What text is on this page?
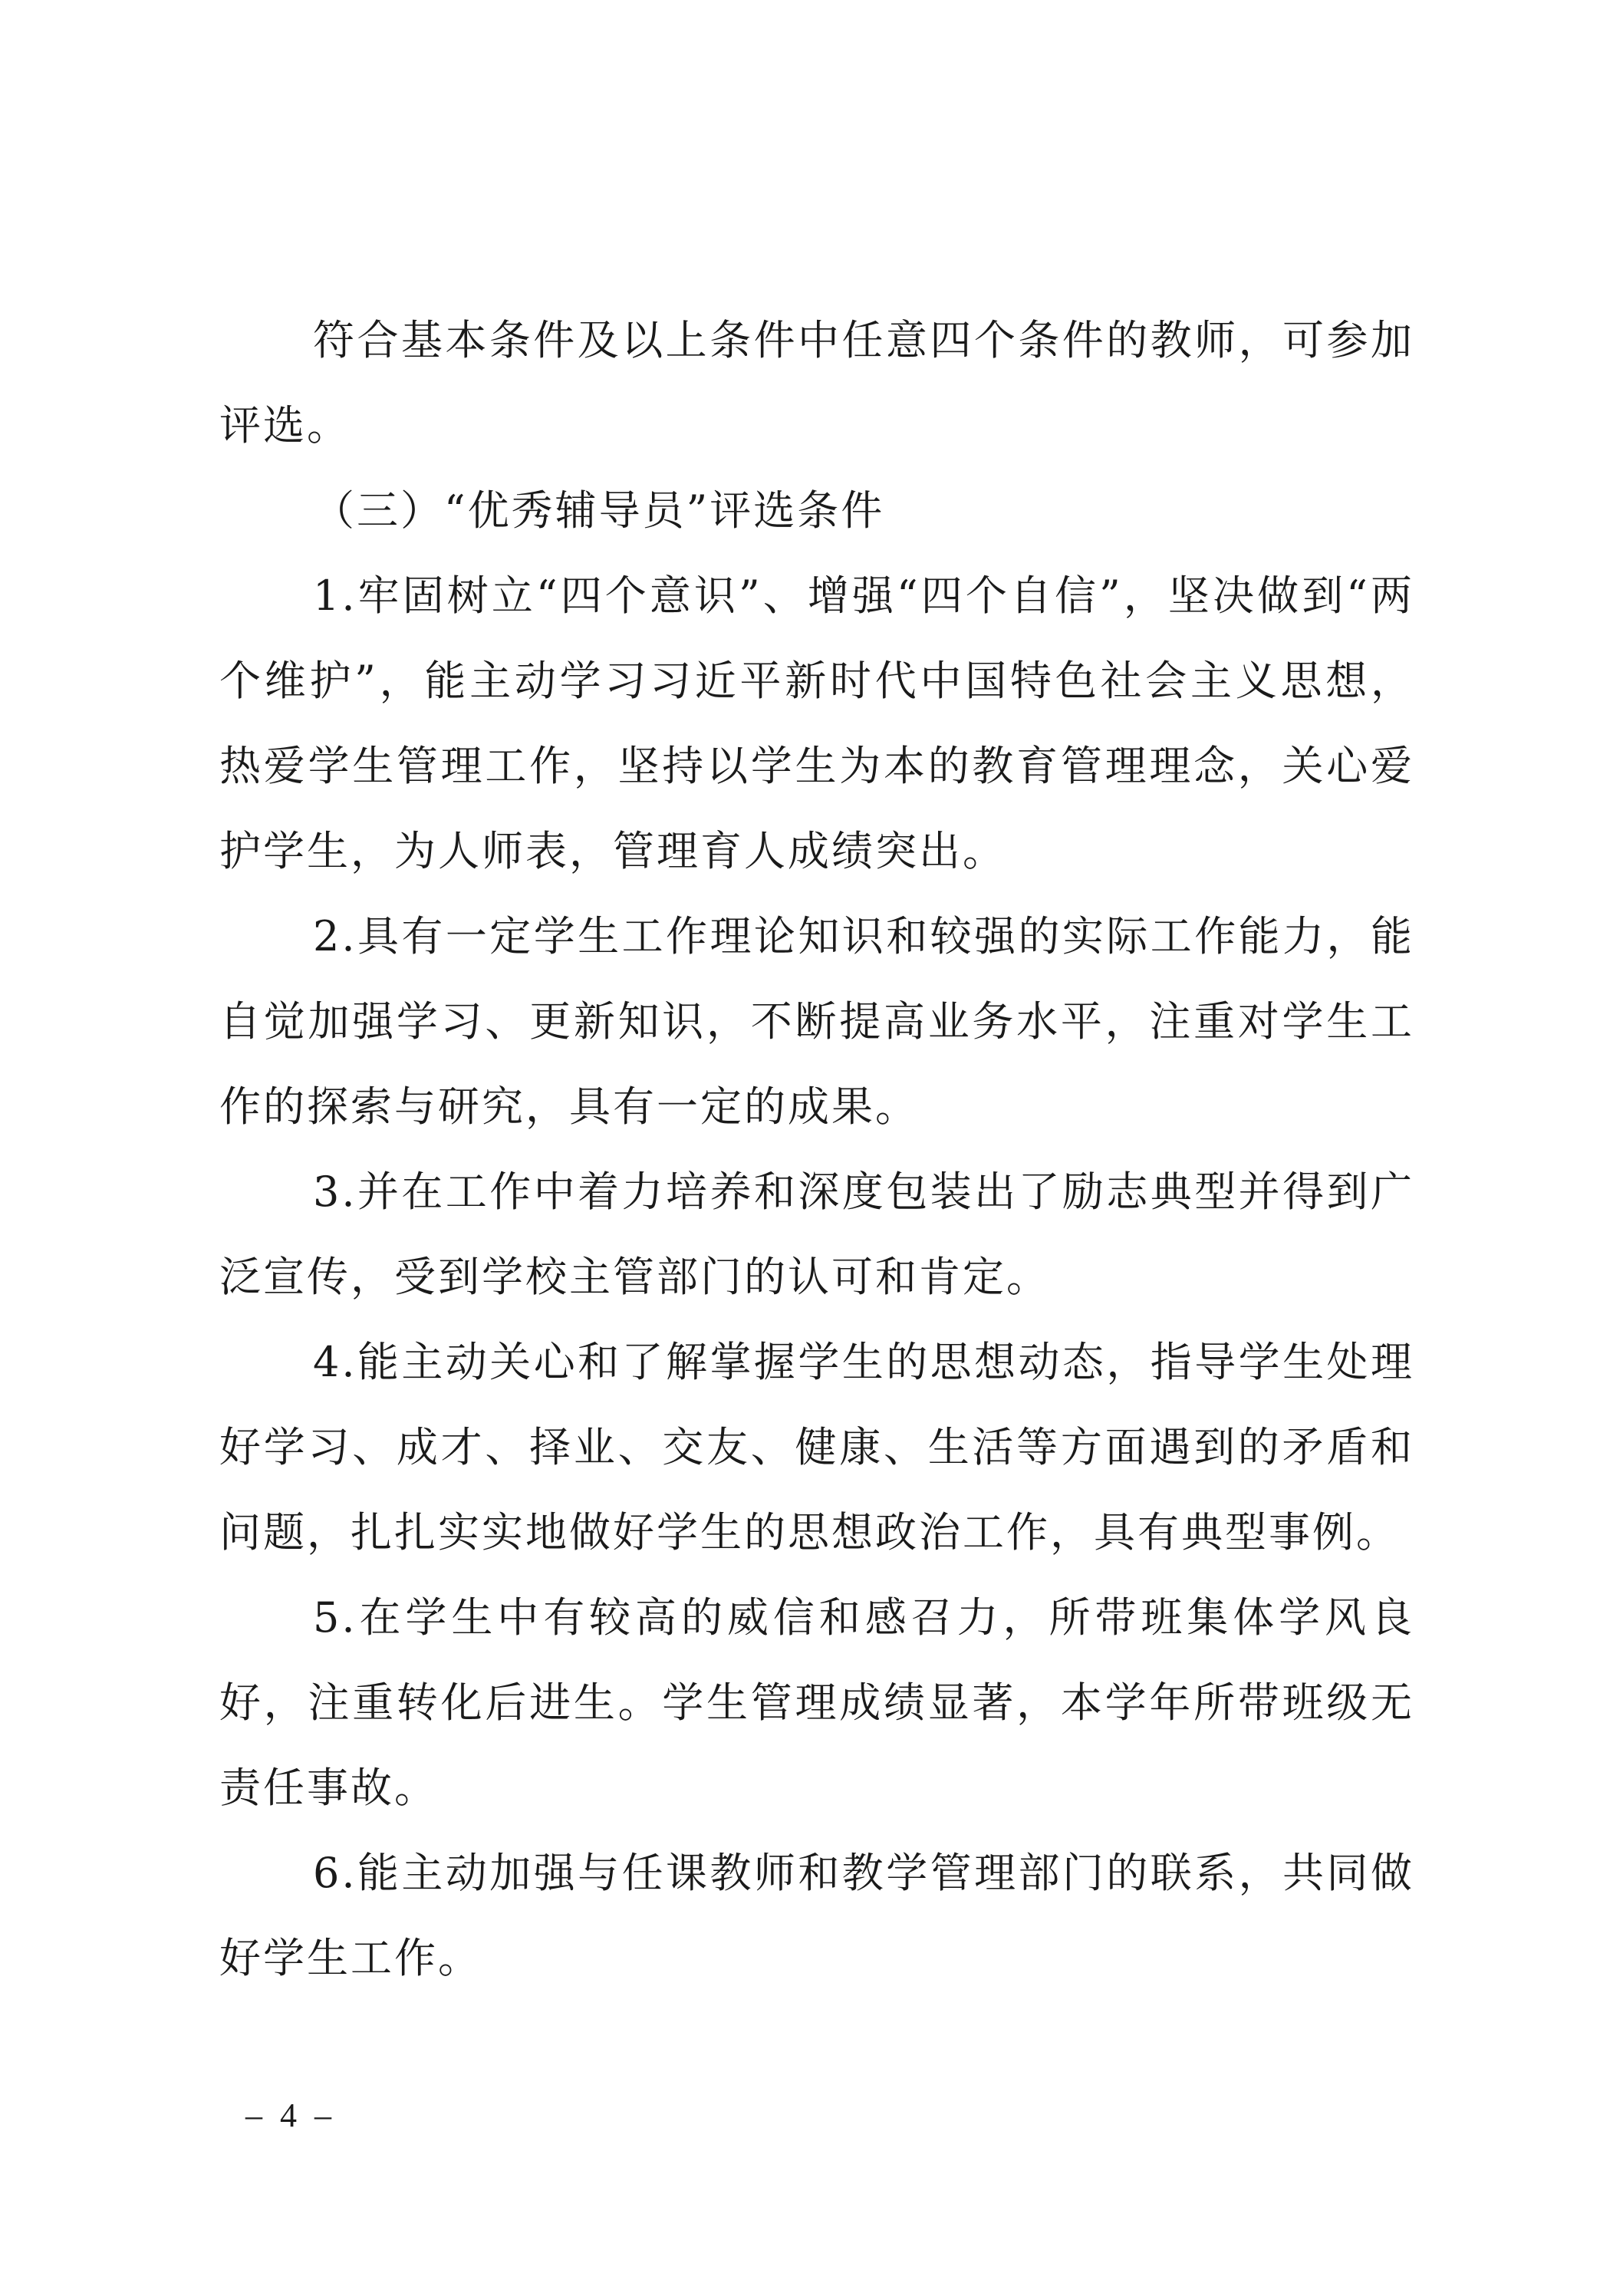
符合基本条件及以上条件中任意四个条件的教师，可参加评选。

（三）“优秀辅导员”评选条件

1.牢固树立“四个意识”、增强“四个自信”，坚决做到“两个维护”，能主动学习习近平新时代中国特色社会主义思想，热爱学生管理工作，坚持以学生为本的教育管理理念，关心爱护学生，为人师表，管理育人成绩突出。

2.具有一定学生工作理论知识和较强的实际工作能力，能自觉加强学习、更新知识，不断提高业务水平，注重对学生工作的探索与研究，具有一定的成果。

3.并在工作中着力培养和深度包装出了励志典型并得到广泛宣传，受到学校主管部门的认可和肯定。

4.能主动关心和了解掌握学生的思想动态，指导学生处理好学习、成才、择业、交友、健康、生活等方面遇到的矛盾和问题，扎扎实实地做好学生的思想政治工作，具有典型事例。

5.在学生中有较高的威信和感召力，所带班集体学风良好，注重转化后进生。学生管理成绩显著，本学年所带班级无责任事故。

6.能主动加强与任课教师和教学管理部门的联系，共同做好学生工作。

– 4 –
